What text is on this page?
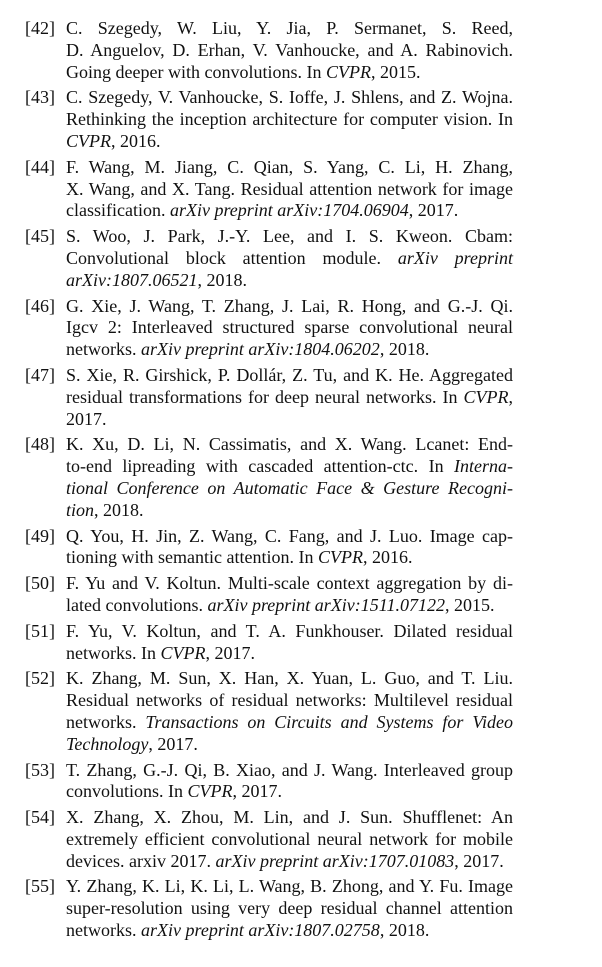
[42] C. Szegedy, W. Liu, Y. Jia, P. Sermanet, S. Reed,
D. Anguelov, D. Erhan, V. Vanhoucke, and A. Rabinovich.
Going deeper with convolutions. In CVPR, 2015.
[43] C. Szegedy, V. Vanhoucke, S. Ioffe, J. Shlens, and Z. Wojna.
Rethinking the inception architecture for computer vision. In
CVPR, 2016.
[44] F. Wang, M. Jiang, C. Qian, S. Yang, C. Li, H. Zhang,
X. Wang, and X. Tang. Residual attention network for image
classification. arXiv preprint arXiv:1704.06904, 2017.
[45] S. Woo, J. Park, J.-Y. Lee, and I. S. Kweon. Cbam:
Convolutional block attention module. arXiv preprint
arXiv:1807.06521, 2018.
[46] G. Xie, J. Wang, T. Zhang, J. Lai, R. Hong, and G.-J. Qi.
Igcv 2: Interleaved structured sparse convolutional neural
networks. arXiv preprint arXiv:1804.06202, 2018.
[47] S. Xie, R. Girshick, P. Dollár, Z. Tu, and K. He. Aggregated
residual transformations for deep neural networks. In CVPR,
2017.
[48] K. Xu, D. Li, N. Cassimatis, and X. Wang. Lcanet: End-
to-end lipreading with cascaded attention-ctc. In Interna-
tional Conference on Automatic Face & Gesture Recogni-
tion, 2018.
[49] Q. You, H. Jin, Z. Wang, C. Fang, and J. Luo. Image cap-
tioning with semantic attention. In CVPR, 2016.
[50] F. Yu and V. Koltun. Multi-scale context aggregation by di-
lated convolutions. arXiv preprint arXiv:1511.07122, 2015.
[51] F. Yu, V. Koltun, and T. A. Funkhouser. Dilated residual
networks. In CVPR, 2017.
[52] K. Zhang, M. Sun, X. Han, X. Yuan, L. Guo, and T. Liu.
Residual networks of residual networks: Multilevel residual
networks. Transactions on Circuits and Systems for Video
Technology, 2017.
[53] T. Zhang, G.-J. Qi, B. Xiao, and J. Wang. Interleaved group
convolutions. In CVPR, 2017.
[54] X. Zhang, X. Zhou, M. Lin, and J. Sun. Shufflenet: An
extremely efficient convolutional neural network for mobile
devices. arxiv 2017. arXiv preprint arXiv:1707.01083, 2017.
[55] Y. Zhang, K. Li, K. Li, L. Wang, B. Zhong, and Y. Fu. Image
super-resolution using very deep residual channel attention
networks. arXiv preprint arXiv:1807.02758, 2018.
